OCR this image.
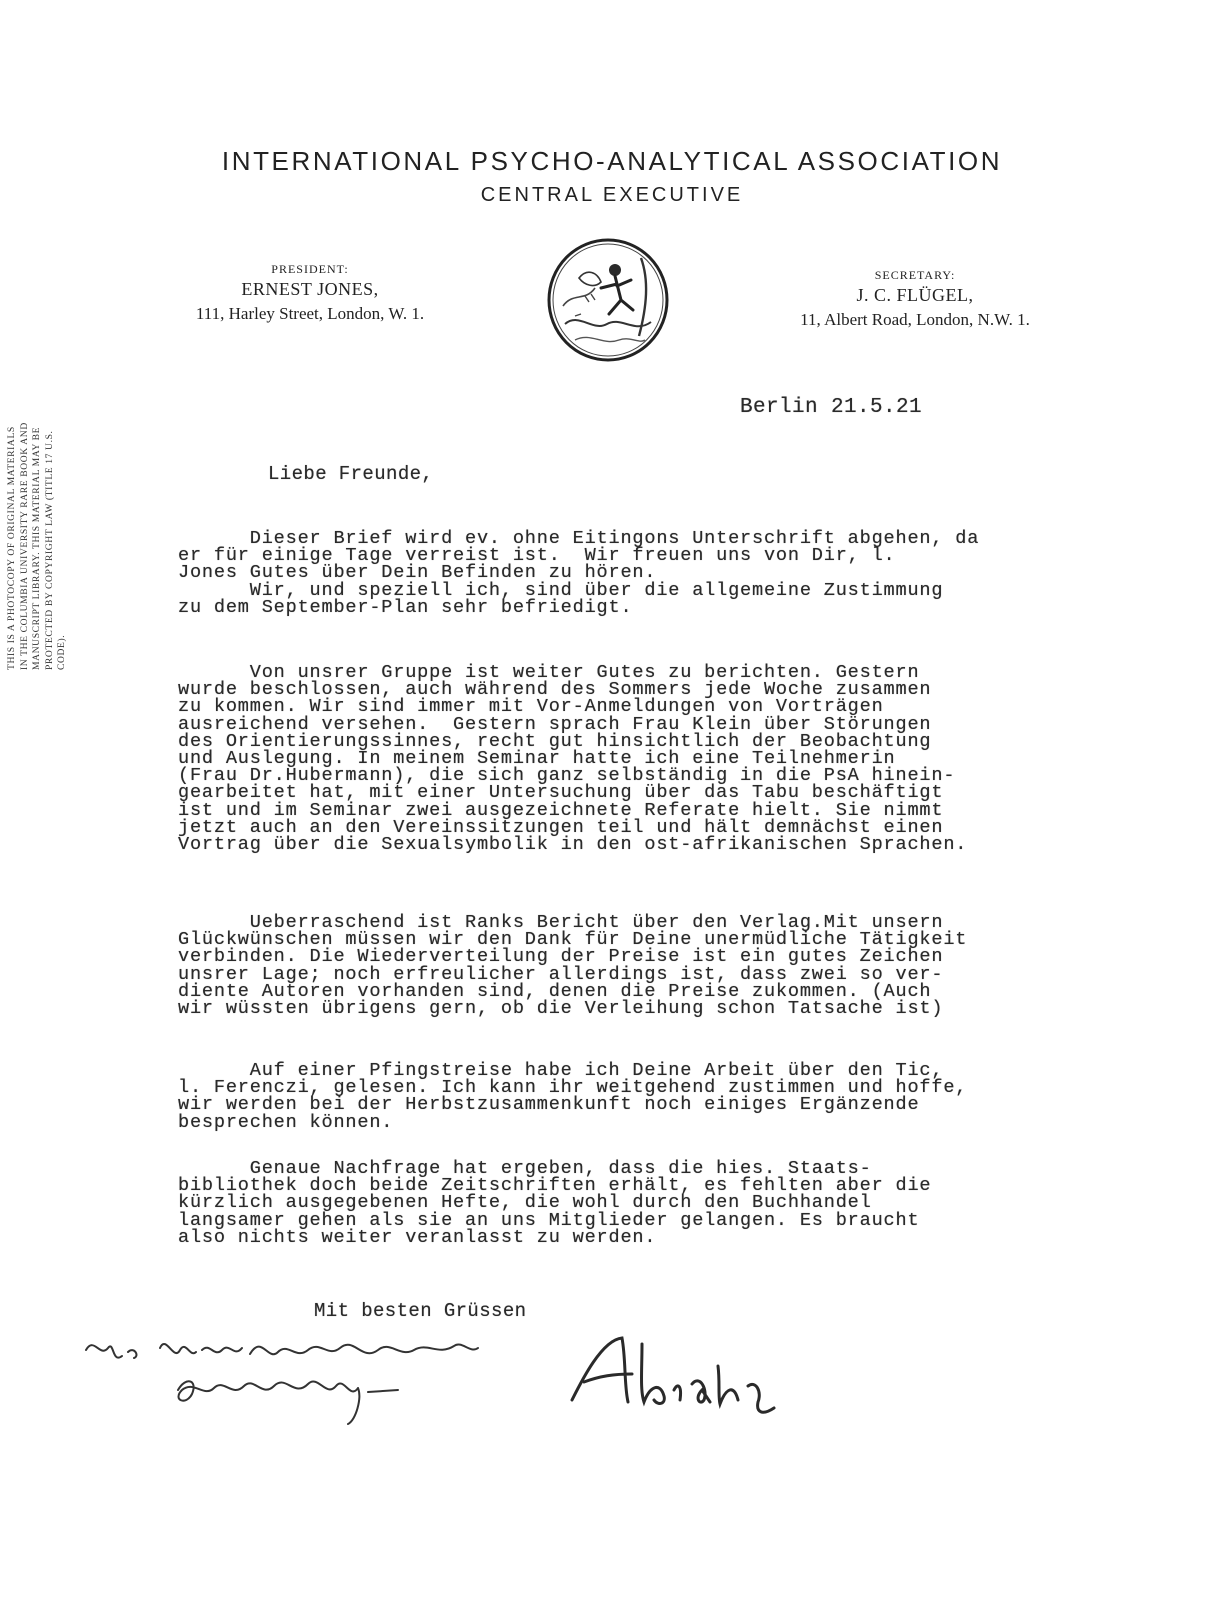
INTERNATIONAL PSYCHO-ANALYTICAL ASSOCIATION
CENTRAL EXECUTIVE
PRESIDENT:
ERNEST JONES,
111, Harley Street, London, W. 1.
SECRETARY:
J. C. FLÜGEL,
11, Albert Road, London, N.W. 1.
THIS IS A PHOTOCOPY OF ORIGINAL MATERIALS IN THE COLUMBIA UNIVERSITY RARE BOOK AND MANUSCRIPT LIBRARY. THIS MATERIAL MAY BE PROTECTED BY COPYRIGHT LAW (TITLE 17 U.S. CODE).
Berlin 21.5.21
Liebe Freunde,
Dieser Brief wird ev. ohne Eitingons Unterschrift abgehen, da
er für einige Tage verreist ist.  Wir freuen uns von Dir, l.
Jones Gutes über Dein Befinden zu hören.
Wir, und speziell ich, sind über die allgemeine Zustimmung
zu dem September-Plan sehr befriedigt.
Von unsrer Gruppe ist weiter Gutes zu berichten. Gestern
wurde beschlossen, auch während des Sommers jede Woche zusammen
zu kommen. Wir sind immer mit Vor-Anmeldungen von Vorträgen
ausreichend versehen.  Gestern sprach Frau Klein über Störungen
des Orientierungssinnes, recht gut hinsichtlich der Beobachtung
und Auslegung. In meinem Seminar hatte ich eine Teilnehmerin
(Frau Dr.Hubermann), die sich ganz selbständig in die PsA hinein-
gearbeitet hat, mit einer Untersuchung über das Tabu beschäftigt
ist und im Seminar zwei ausgezeichnete Referate hielt. Sie nimmt
jetzt auch an den Vereinssitzungen teil und hält demnächst einen
Vortrag über die Sexualsymbolik in den ost-afrikanischen Sprachen.
Ueberraschend ist Ranks Bericht über den Verlag.Mit unsern
Glückwünschen müssen wir den Dank für Deine unermüdliche Tätigkeit
verbinden. Die Wiederverteilung der Preise ist ein gutes Zeichen
unsrer Lage; noch erfreulicher allerdings ist, dass zwei so ver-
diente Autoren vorhanden sind, denen die Preise zukommen. (Auch
wir wüssten übrigens gern, ob die Verleihung schon Tatsache ist)
Auf einer Pfingstreise habe ich Deine Arbeit über den Tic,
l. Ferenczi, gelesen. Ich kann ihr weitgehend zustimmen und hoffe,
wir werden bei der Herbstzusammenkunft noch einiges Ergänzende
besprechen können.
Genaue Nachfrage hat ergeben, dass die hies. Staats-
bibliothek doch beide Zeitschriften erhält, es fehlten aber die
kürzlich ausgegebenen Hefte, die wohl durch den Buchhandel
langsamer gehen als sie an uns Mitglieder gelangen. Es braucht
also nichts weiter veranlasst zu werden.
Mit besten Grüssen
